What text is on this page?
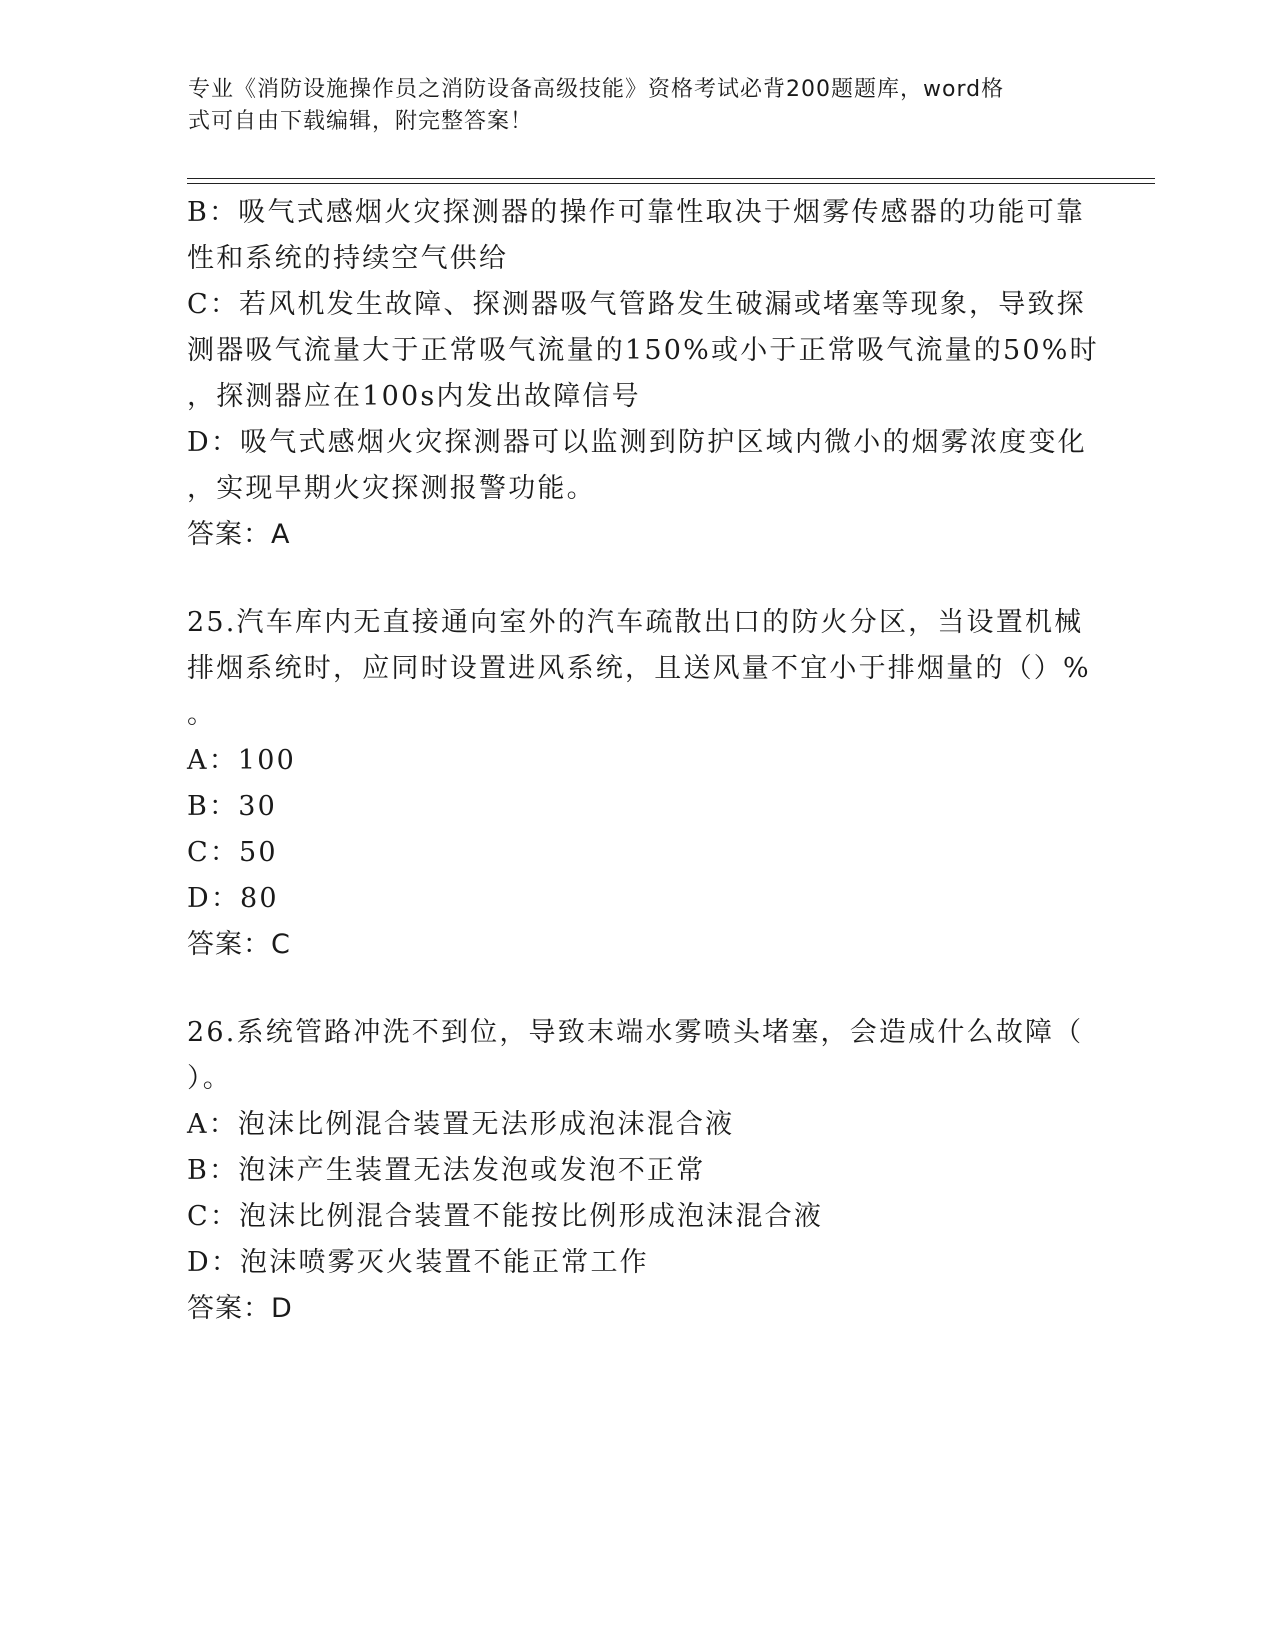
专业《消防设施操作员之消防设备高级技能》资格考试必背200题题库，word格
式可自由下载编辑，附完整答案！
B：吸气式感烟火灾探测器的操作可靠性取决于烟雾传感器的功能可靠
性和系统的持续空气供给
C：若风机发生故障、探测器吸气管路发生破漏或堵塞等现象，导致探
测器吸气流量大于正常吸气流量的150%或小于正常吸气流量的50%时
，探测器应在100s内发出故障信号
D：吸气式感烟火灾探测器可以监测到防护区域内微小的烟雾浓度变化
，实现早期火灾探测报警功能。
答案：A
25.汽车库内无直接通向室外的汽车疏散出口的防火分区，当设置机械
排烟系统时，应同时设置进风系统，且送风量不宜小于排烟量的（）%
。
A：100
B：30
C：50
D：80
答案：C
26.系统管路冲洗不到位，导致末端水雾喷头堵塞，会造成什么故障（
）。
A：泡沫比例混合装置无法形成泡沫混合液
B：泡沫产生装置无法发泡或发泡不正常
C：泡沫比例混合装置不能按比例形成泡沫混合液
D：泡沫喷雾灭火装置不能正常工作
答案：D
